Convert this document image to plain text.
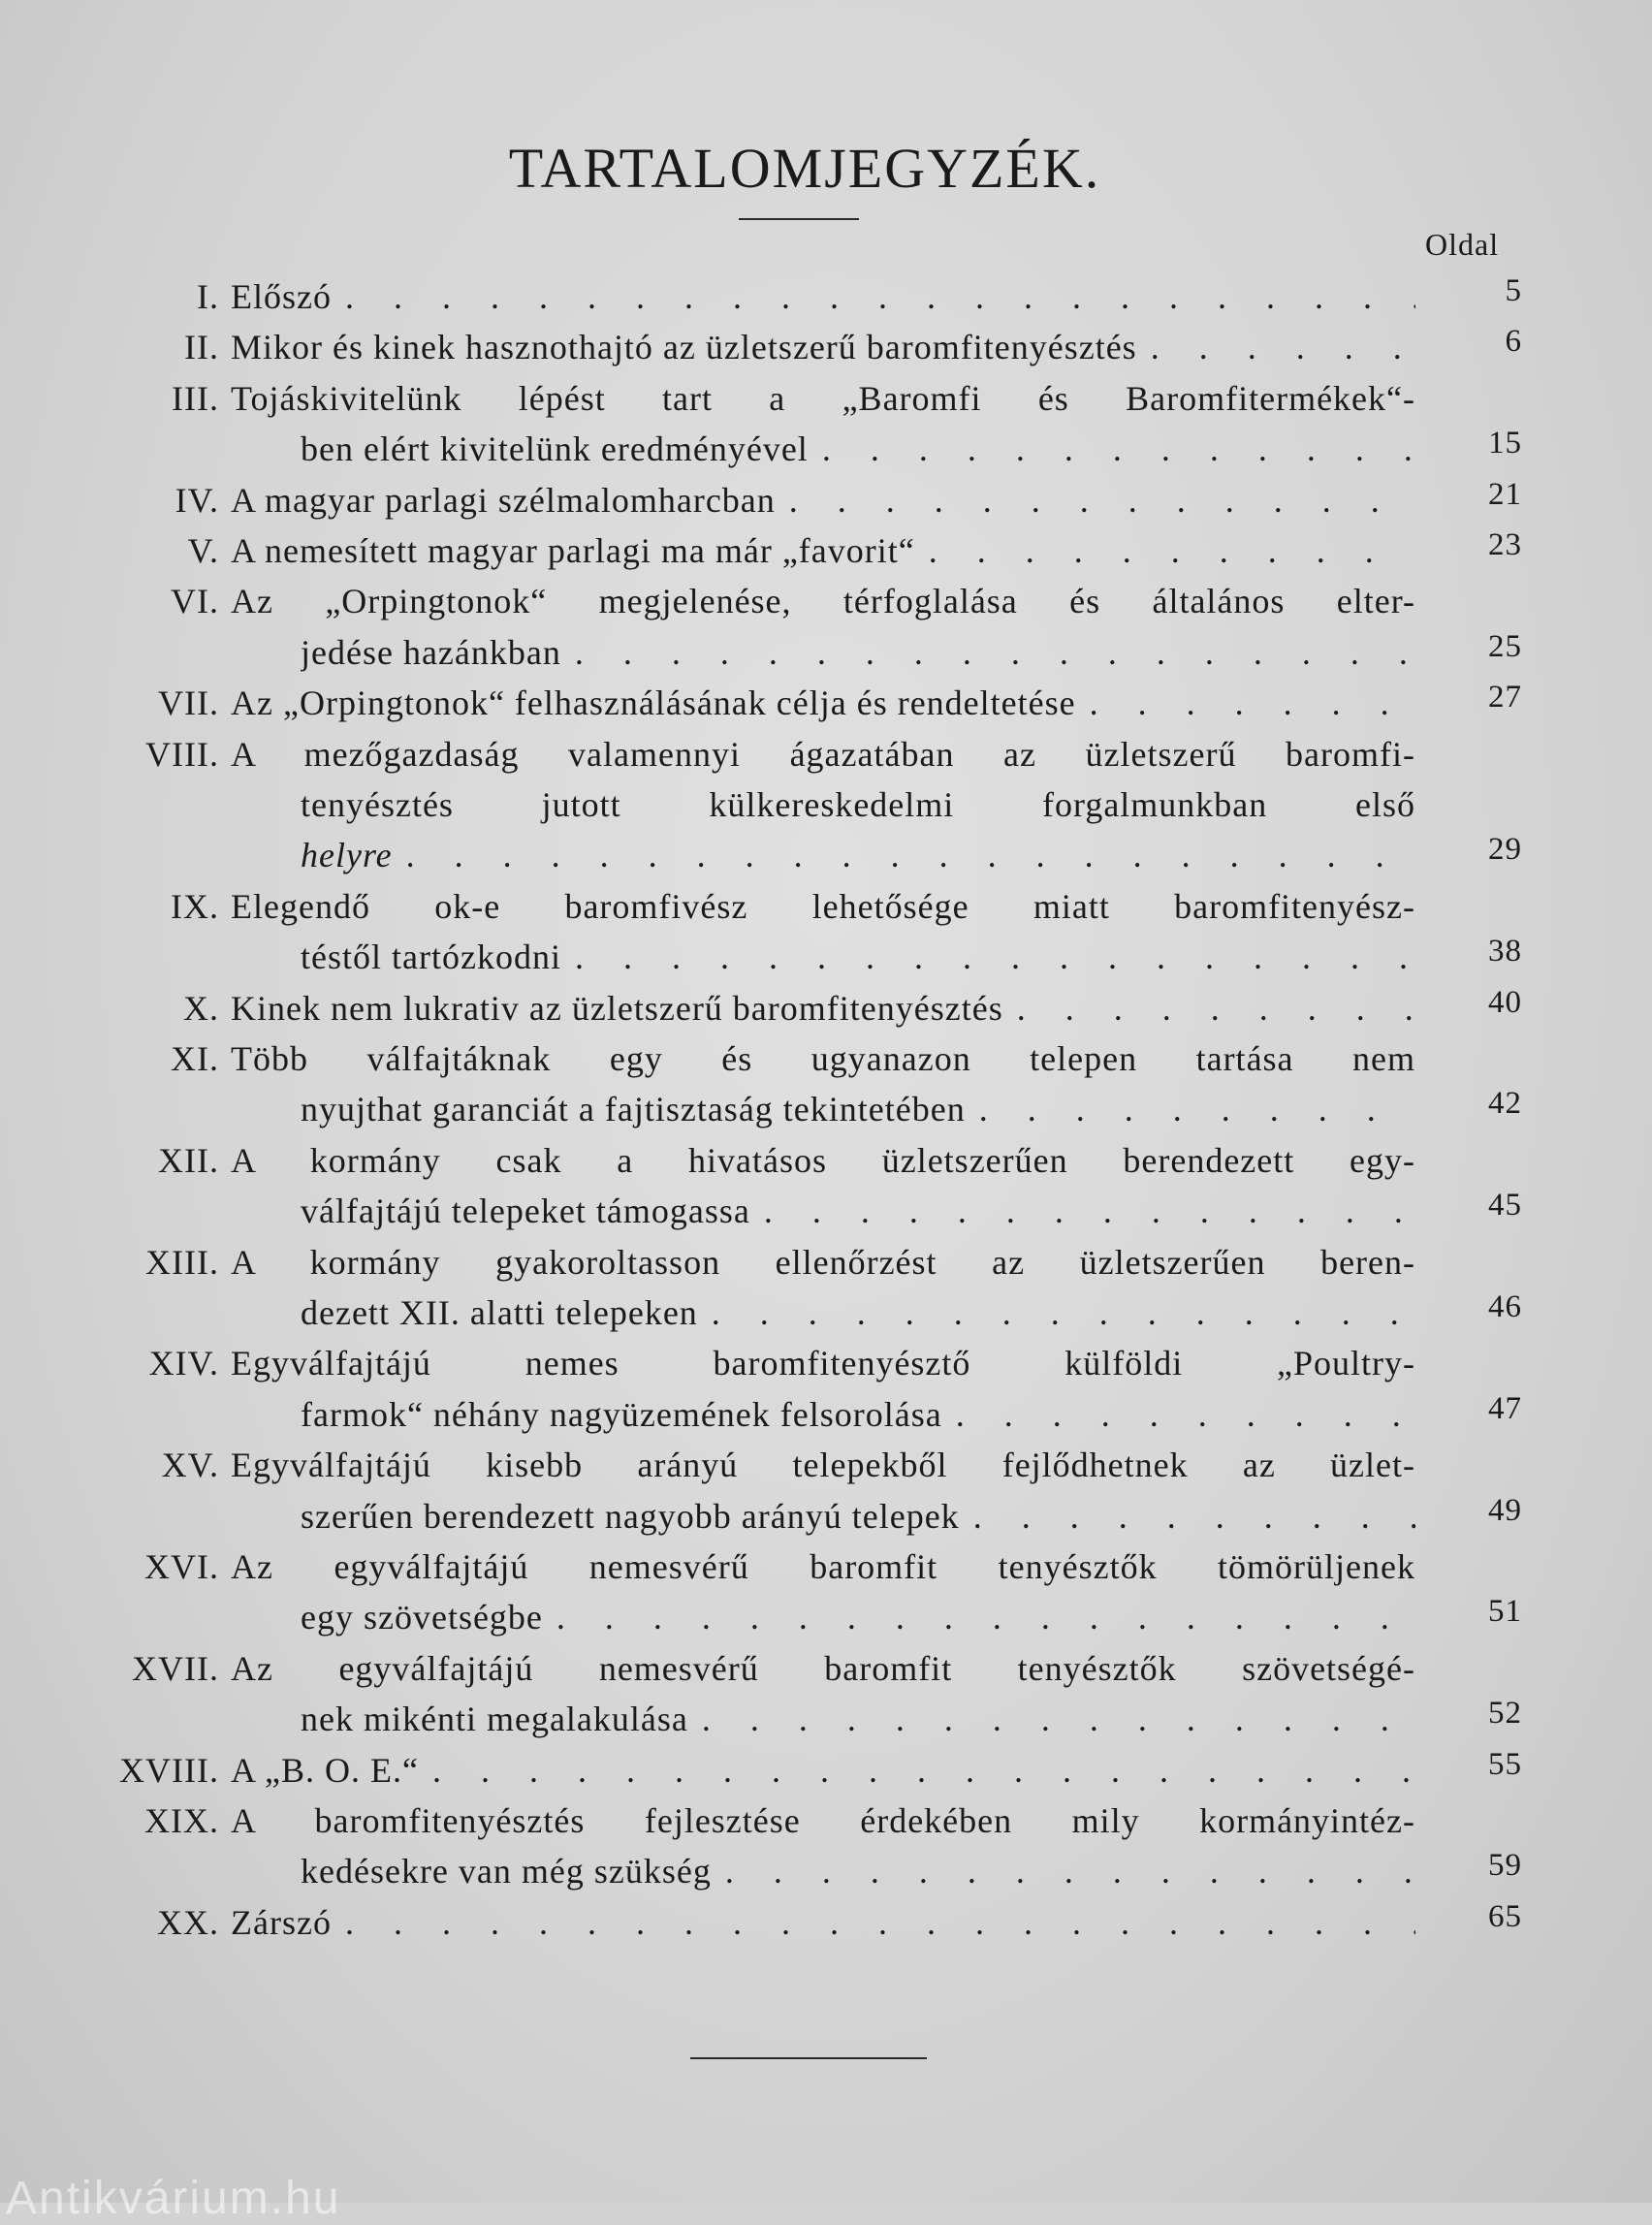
TARTALOMJEGYZÉK.
Oldal
I. Előszó . . .	5
II. Mikor és kinek hasznothajtó az üzletszerű baromfitenyésztés . . .	6
III. Tojáskivitelünk lépést tart a „Baromfi és Baromfitermékek“-
ben elért kivitelünk eredményével . . .	15
IV. A magyar parlagi szélmalomharcban . . .	21
V. A nemesített magyar parlagi ma már „favorit“ . . .	23
VI. Az „Orpingtonok“ megjelenése, térfoglalása és általános elter-
jedése hazánkban . . .	25
VII. Az „Orpingtonok“ felhasználásának célja és rendeltetése . . .	27
VIII. A mezőgazdaság valamennyi ágazatában az üzletszerű baromfi-
tenyésztés jutott külkereskedelmi forgalmunkban első
helyre . . .	29
IX. Elegendő ok-e baromfivész lehetősége miatt baromfitenyész-
téstől tartózkodni . . .	38
X. Kinek nem lukrativ az üzletszerű baromfitenyésztés . . .	40
XI. Több válfajtáknak egy és ugyanazon telepen tartása nem
nyujthat garanciát a fajtisztaság tekintetében . . .	42
XII. A kormány csak a hivatásos üzletszerűen berendezett egy-
válfajtájú telepeket támogassa . . .	45
XIII. A kormány gyakoroltasson ellenőrzést az üzletszerűen beren-
dezett XII. alatti telepeken . . .	46
XIV. Egyválfajtájú nemes baromfitenyésztő külföldi „Poultry-
farmok“ néhány nagyüzemének felsorolása . . .	47
XV. Egyválfajtájú kisebb arányú telepekből fejlődhetnek az üzlet-
szerűen berendezett nagyobb arányú telepek . . .	49
XVI. Az egyválfajtájú nemesvérű baromfit tenyésztők tömörüljenek
egy szövetségbe . . .	51
XVII. Az egyválfajtájú nemesvérű baromfit tenyésztők szövetségé-
nek mikénti megalakulása . . .	52
XVIII. A „B. O. E.“ . . .	55
XIX. A baromfitenyésztés fejlesztése érdekében mily kormányintéz-
kedésekre van még szükség . . .	59
XX. Zárszó . . .	65
Antikvárium.hu
